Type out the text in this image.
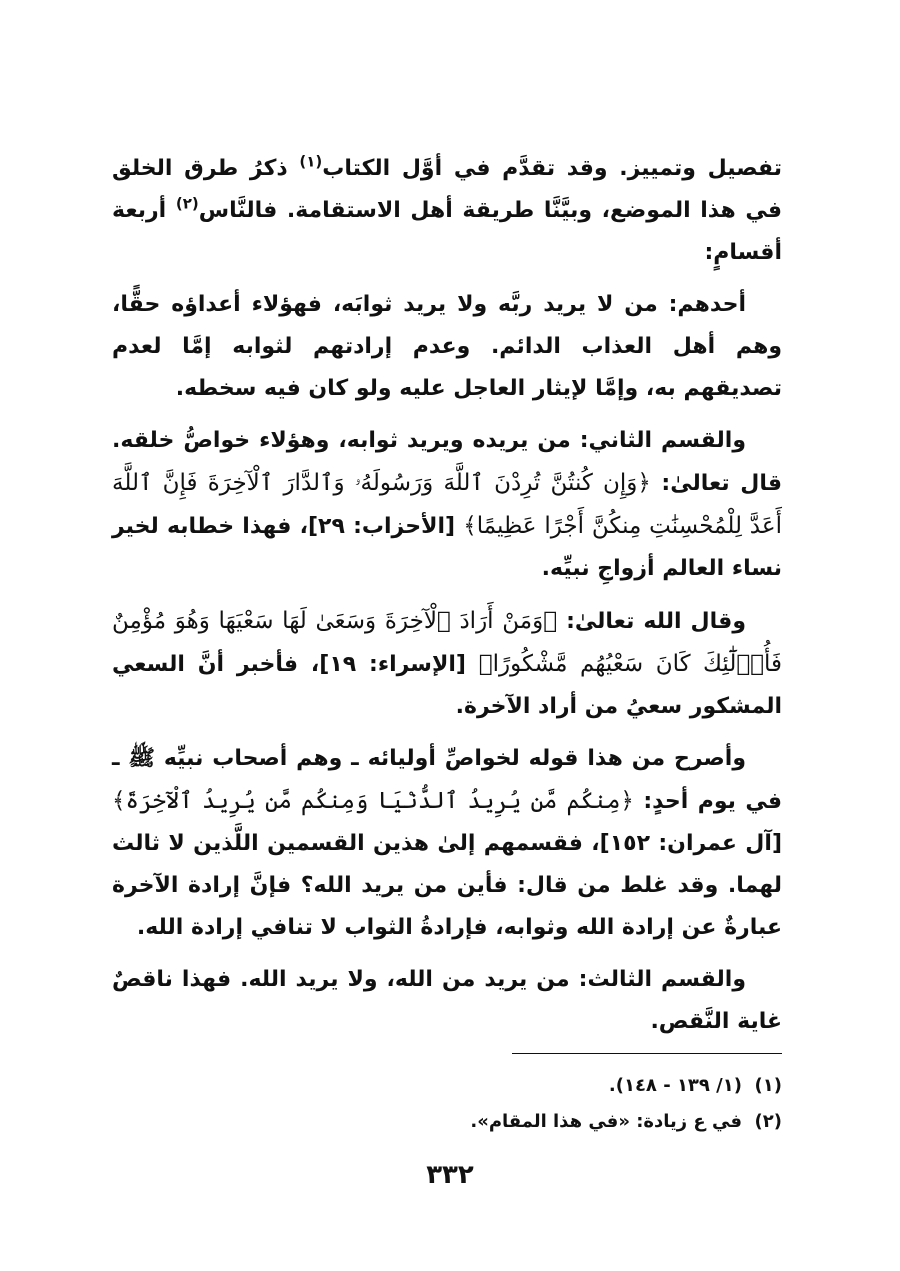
تفصيل وتمييز. وقد تقدَّم في أوَّل الكتاب$^{(١)}$ ذكرُ طرق الخلق في هذا الموضع، وبيَّنَّا طريقة أهل الاستقامة. فالنَّاس$^{(٢)}$ أربعة أقسامٍ:

أحدهم: من لا يريد ربَّه ولا يريد ثوابَه، فهؤلاء أعداؤه حقًّا، وهم أهل العذاب الدائم. وعدم إرادتهم لثوابه إمَّا لعدم تصديقهم به، وإمَّا لإيثار العاجل عليه ولو كان فيه سخطه.

والقسم الثاني: من يريده ويريد ثوابه، وهؤلاء خواصُّ خلقه. قال تعالىٰ: ﴿وَإِن كُنتُنَّ تُرِدْنَ ٱللَّهَ وَرَسُولَهُۥ وَٱلدَّارَ ٱلْآخِرَةَ فَإِنَّ ٱللَّهَ أَعَدَّ لِلْمُحْسِنَٰتِ مِنكُنَّ أَجْرًا عَظِيمًا﴾ [الأحزاب: ٢٩]، فهذا خطابه لخير نساء العالم أزواجِ نبيِّه.

وقال الله تعالىٰ: ﴿وَمَنْ أَرَادَ ٱلْآخِرَةَ وَسَعَىٰ لَهَا سَعْيَهَا وَهُوَ مُؤْمِنٌ فَأُو۟لَٰٓئِكَ كَانَ سَعْيُهُم مَّشْكُورًا﴾ [الإسراء: ١٩]، فأخبر أنَّ السعي المشكور سعيُ من أراد الآخرة.

وأصرح من هذا قوله لخواصِّ أوليائه ـ وهم أصحاب نبيِّه ﷺ ـ في يوم أحدٍ: ﴿مِنكُم مَّن يُرِيدُ ٱلدُّنْيَا وَمِنكُم مَّن يُرِيدُ ٱلْآخِرَةَ﴾ [آل عمران: ١٥٢]، فقسمهم إلىٰ هذين القسمين اللَّذين لا ثالث لهما. وقد غلط من قال: فأين من يريد الله؟ فإنَّ إرادة الآخرة عبارةٌ عن إرادة الله وثوابه، فإرادةُ الثواب لا تنافي إرادة الله.

والقسم الثالث: من يريد من الله، ولا يريد الله. فهذا ناقصٌ غاية النَّقص.

(١)  (١/ ١٣٩ - ١٤٨).
(٢)  في ع زيادة: «في هذا المقام».
٣٣٢
